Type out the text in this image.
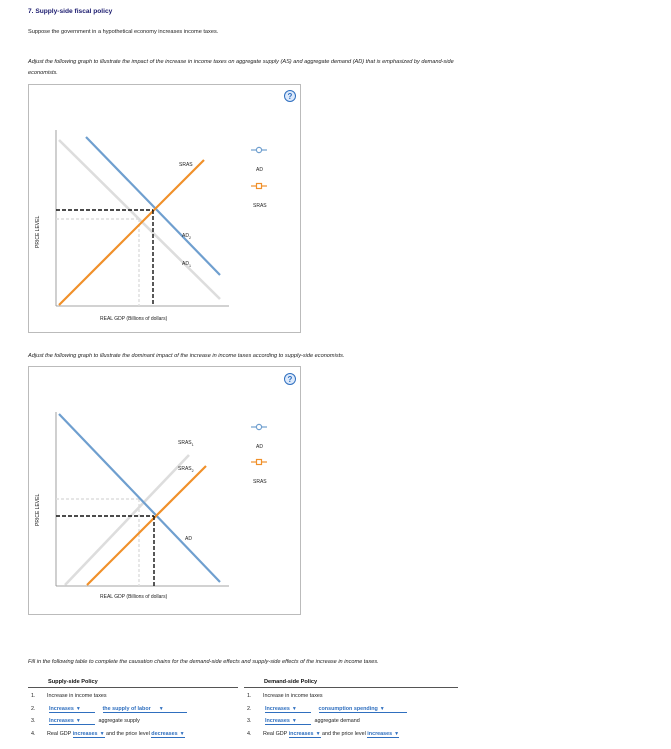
7. Supply-side fiscal policy
Suppose the government in a hypothetical economy increases income taxes.
Adjust the following graph to illustrate the impact of the increase in income taxes on aggregate supply (AS) and aggregate demand (AD) that is emphasized by demand-side economists.
?
PRICE LEVEL
SRAS
$AD_2$
$AD_1$
AD
SRAS
REAL GDP (Billions of dollars)
Adjust the following graph to illustrate the dominant impact of the increase in income taxes according to supply-side economists.
?
PRICE LEVEL
$SRAS_1$
$SRAS_2$
AD
AD
SRAS
REAL GDP (Billions of dollars)
Fill in the following table to complete the causation chains for the demand-side effects and supply-side effects of the increase in income taxes.
Supply-side Policy
1. Increase in income taxes
2.	Increases ▼	the supply of labor ▼
3.	Increases ▼	aggregate supply
4. Real GDP increases ▼ and the price level decreases ▼
Demand-side Policy
1. Increase in income taxes
2.	Increases ▼	consumption spending ▼
3.	Increases ▼	aggregate demand
4. Real GDP increases ▼ and the price level increases ▼
